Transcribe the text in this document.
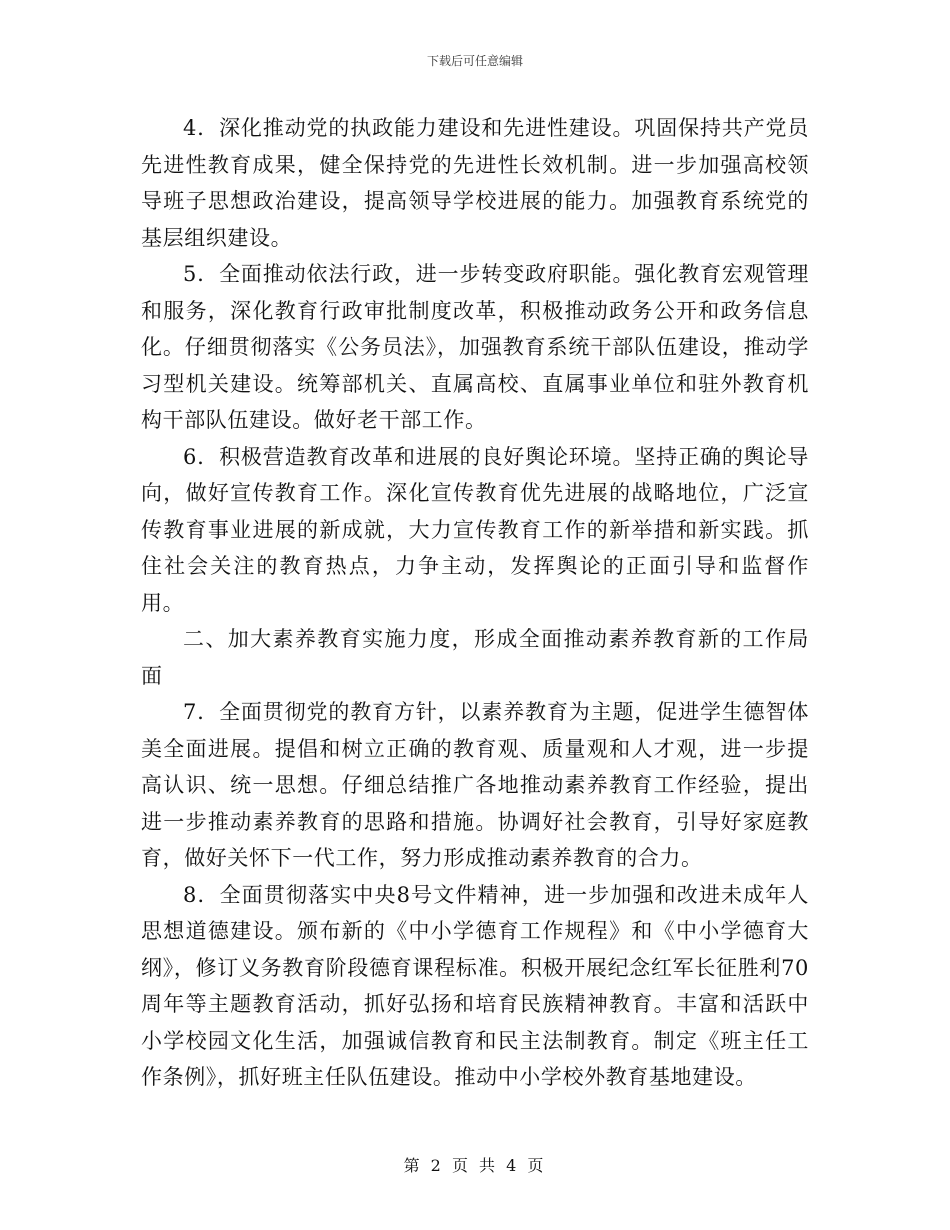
下载后可任意编辑

4．深化推动党的执政能力建设和先进性建设。巩固保持共产党员先进性教育成果，健全保持党的先进性长效机制。进一步加强高校领导班子思想政治建设，提高领导学校进展的能力。加强教育系统党的基层组织建设。

5．全面推动依法行政，进一步转变政府职能。强化教育宏观管理和服务，深化教育行政审批制度改革，积极推动政务公开和政务信息化。仔细贯彻落实《公务员法》，加强教育系统干部队伍建设，推动学习型机关建设。统筹部机关、直属高校、直属事业单位和驻外教育机构干部队伍建设。做好老干部工作。

6．积极营造教育改革和进展的良好舆论环境。坚持正确的舆论导向，做好宣传教育工作。深化宣传教育优先进展的战略地位，广泛宣传教育事业进展的新成就，大力宣传教育工作的新举措和新实践。抓住社会关注的教育热点，力争主动，发挥舆论的正面引导和监督作用。

二、加大素养教育实施力度，形成全面推动素养教育新的工作局面

7．全面贯彻党的教育方针，以素养教育为主题，促进学生德智体美全面进展。提倡和树立正确的教育观、质量观和人才观，进一步提高认识、统一思想。仔细总结推广各地推动素养教育工作经验，提出进一步推动素养教育的思路和措施。协调好社会教育，引导好家庭教育，做好关怀下一代工作，努力形成推动素养教育的合力。

8．全面贯彻落实中央8号文件精神，进一步加强和改进未成年人思想道德建设。颁布新的《中小学德育工作规程》和《中小学德育大纲》，修订义务教育阶段德育课程标准。积极开展纪念红军长征胜利70周年等主题教育活动，抓好弘扬和培育民族精神教育。丰富和活跃中小学校园文化生活，加强诚信教育和民主法制教育。制定《班主任工作条例》，抓好班主任队伍建设。推动中小学校外教育基地建设。

第 2 页 共 4 页
